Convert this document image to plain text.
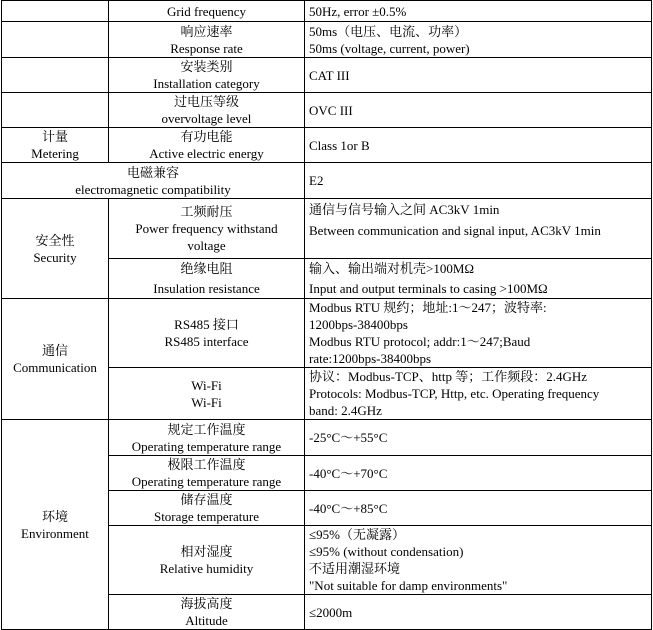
	Grid frequency	50Hz, error ±0.5%

	响应速率
Response rate	50ms（电压、电流、功率）
50ms (voltage, current, power)

	安装类别
Installation category	CAT III

	过电压等级
overvoltage level	OVC III

计量
Metering	有功电能
Active electric energy	Class 1or B

电磁兼容
electromagnetic compatibility		E2

安全性
Security	工频耐压
Power frequency withstand
voltage	通信与信号输入之间 AC3kV 1min
Between communication and signal input, AC3kV 1min

	绝缘电阻
Insulation resistance	输入、输出端对机壳>100MΩ
Input and output terminals to casing >100MΩ

通信
Communication	RS485 接口
RS485 interface	Modbus RTU 规约；地址:1～247；波特率:
1200bps-38400bps
Modbus RTU protocol; addr:1～247;Baud
rate:1200bps-38400bps

	Wi-Fi
Wi-Fi	协议：Modbus-TCP、http 等；工作频段：2.4GHz
Protocols: Modbus-TCP, Http, etc. Operating frequency
band: 2.4GHz

环境
Environment	规定工作温度
Operating temperature range	-25°C～+55°C

	极限工作温度
Operating temperature range	-40°C～+70°C

	储存温度
Storage temperature	-40°C～+85°C

	相对湿度
Relative humidity	≤95%（无凝露）
≤95% (without condensation)
不适用潮湿环境
"Not suitable for damp environments"

	海拔高度
Altitude	≤2000m
